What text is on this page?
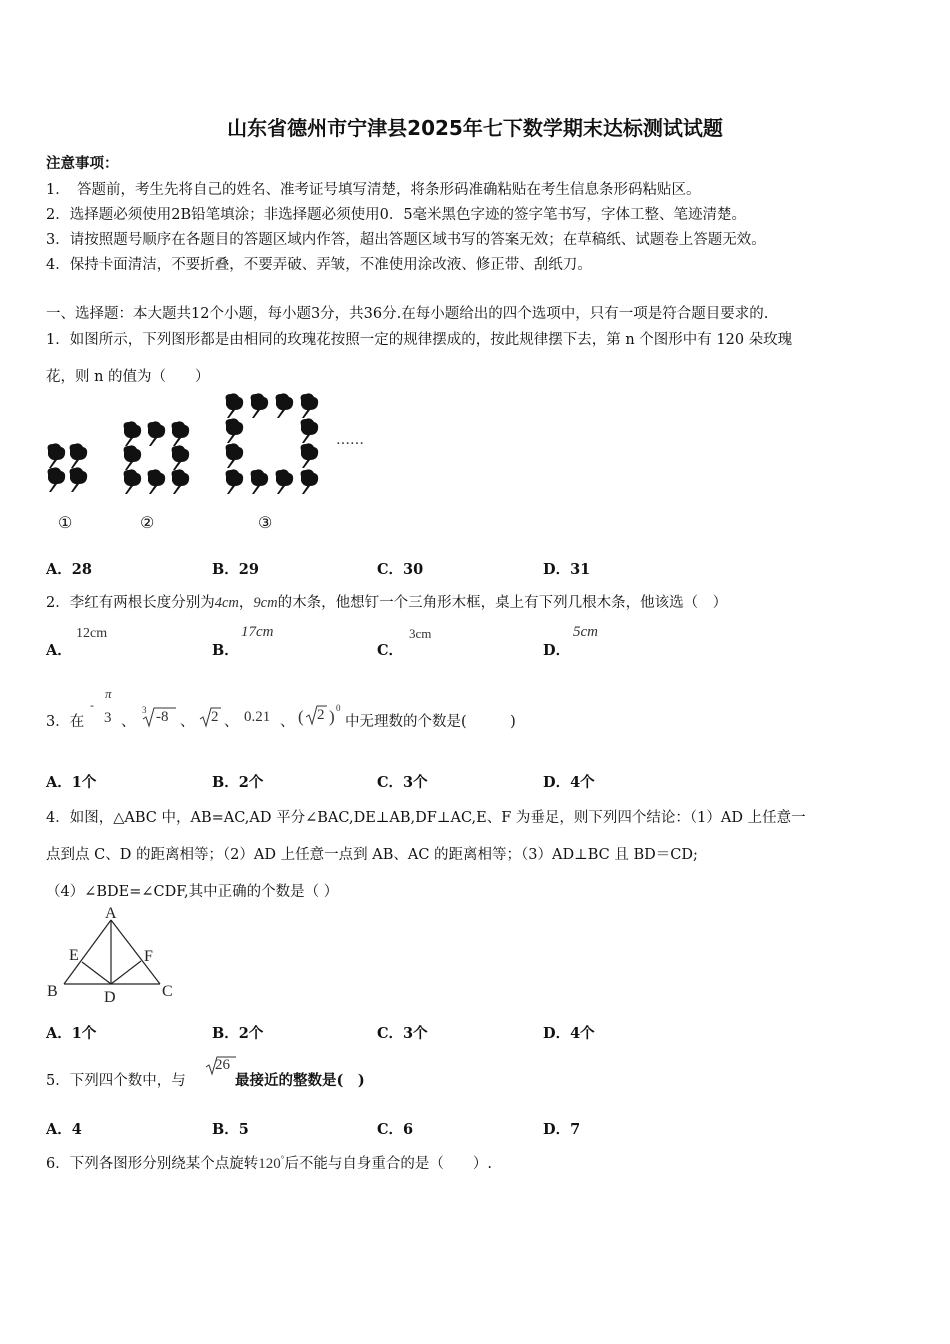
山东省德州市宁津县2025年七下数学期末达标测试试题
注意事项：
1．　答题前，考生先将自己的姓名、准考证号填写清楚，将条形码准确粘贴在考生信息条形码粘贴区。
2．选择题必须使用2B铅笔填涂；非选择题必须使用0．5毫米黑色字迹的签字笔书写，字体工整、笔迹清楚。
3．请按照题号顺序在各题目的答题区域内作答，超出答题区域书写的答案无效；在草稿纸、试题卷上答题无效。
4．保持卡面清洁，不要折叠，不要弄破、弄皱，不准使用涂改液、修正带、刮纸刀。
一、选择题：本大题共12个小题，每小题3分，共36分.在每小题给出的四个选项中，只有一项是符合题目要求的.
1．如图所示，下列图形都是由相同的玫瑰花按照一定的规律摆成的，按此规律摆下去，第 n 个图形中有 120 朵玫瑰
花，则 n 的值为（　　）
……
①	②	③
A．28	B．29	C．30	D．31
2．李红有两根长度分别为4cm，9cm的木条，他想钉一个三角形木框，桌上有下列几根木条，他该选（　）
A．
12cm
B．
17cm
C．
3cm
D．
5cm
3．在
-
π
3 、
3 -8 、 2 、 0.21 、 ( 2 ) 0
中无理数的个数是(　　　)
A．1个	B．2个	C．3个	D．4个
4．如图，△ABC 中，AB=AC,AD 平分∠BAC,DE⊥AB,DF⊥AC,E、F 为垂足，则下列四个结论：（1）AD 上任意一
点到点 C、D 的距离相等；（2）AD 上任意一点到 AB、AC 的距离相等；（3）AD⊥BC 且 BD＝CD;
（4）∠BDE=∠CDF,其中正确的个数是（ ）
A
E	F
B	D	C
A．1个	B．2个	C．3个	D．4个
5．下列四个数中，与
26
最接近的整数是(　)
A．4	B．5	C．6	D．7
6．下列各图形分别绕某个点旋转120°后不能与自身重合的是（　　）.
